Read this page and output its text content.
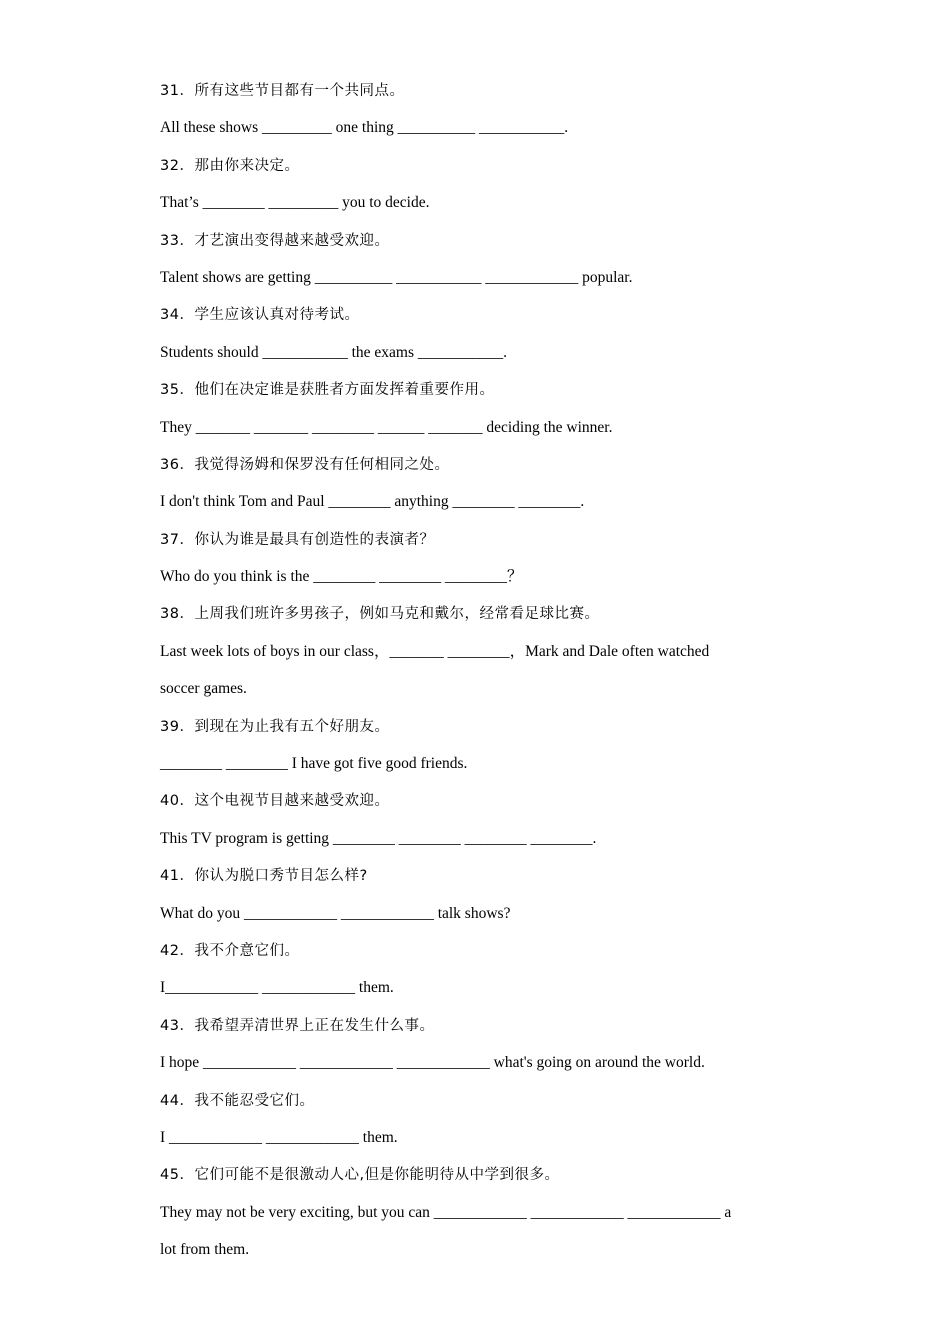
31．所有这些节目都有一个共同点。

All these shows _________ one thing __________ ___________.

32．那由你来决定。

That’s ________ _________ you to decide.

33．才艺演出变得越来越受欢迎。

Talent shows are getting __________ ___________ ____________ popular.

34．学生应该认真对待考试。

Students should ___________ the exams ___________.

35．他们在决定谁是获胜者方面发挥着重要作用。

They _______ _______ ________ ______ _______ deciding the winner.

36．我觉得汤姆和保罗没有任何相同之处。

I don't think Tom and Paul ________ anything ________ ________.

37．你认为谁是最具有创造性的表演者？

Who do you think is the ________ ________ ________？

38．上周我们班许多男孩子，例如马克和戴尔，经常看足球比赛。

Last week lots of boys in our class，_______ ________，Mark and Dale often watched

soccer games.

39．到现在为止我有五个好朋友。

________ ________ I have got five good friends.

40．这个电视节目越来越受欢迎。

This TV program is getting ________ ________ ________ ________.

41．你认为脱口秀节目怎么样?

What do you ____________ ____________ talk shows?

42．我不介意它们。

I____________ ____________ them.

43．我希望弄清世界上正在发生什么事。

I hope ____________ ____________ ____________ what's going on around the world.

44．我不能忍受它们。

I ____________ ____________ them.

45．它们可能不是很激动人心,但是你能明待从中学到很多。

They may not be very exciting, but you can ____________ ____________ ____________ a

lot from them.
